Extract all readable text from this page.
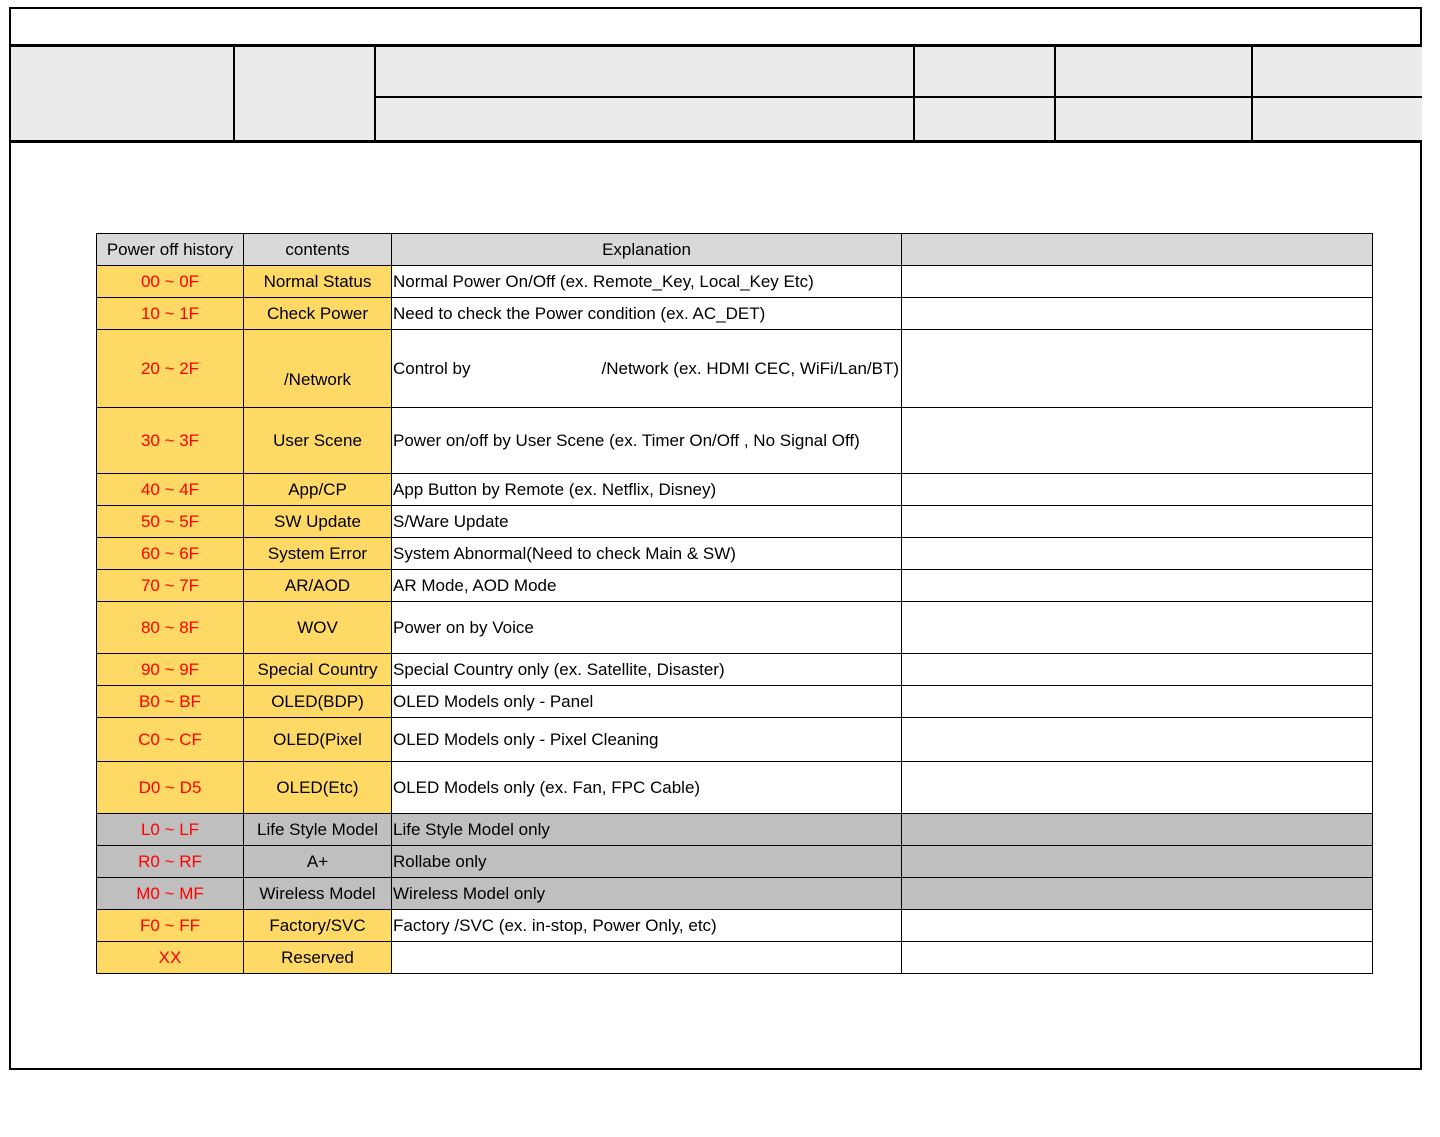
Power off history	contents	Explanation	
00 ~ 0F	Normal Status	Normal Power On/Off (ex. Remote_Key, Local_Key Etc)	
10 ~ 1F	Check Power	Need to check the Power condition (ex. AC_DET)	
20 ~ 2F	/Network	Control by /Network (ex. HDMI CEC, WiFi/Lan/BT)	
30 ~ 3F	User Scene	Power on/off by User Scene (ex. Timer On/Off , No Signal Off)	
40 ~ 4F	App/CP	App Button by Remote (ex. Netflix, Disney)	
50 ~ 5F	SW Update	S/Ware Update	
60 ~ 6F	System Error	System Abnormal(Need to check Main & SW)	
70 ~ 7F	AR/AOD	AR Mode, AOD Mode	
80 ~ 8F	WOV	Power on by Voice	
90 ~ 9F	Special Country	Special Country only (ex. Satellite, Disaster)	
B0 ~ BF	OLED(BDP)	OLED Models only - Panel	
C0 ~ CF	OLED(Pixel	OLED Models only - Pixel Cleaning	
D0 ~ D5	OLED(Etc)	OLED Models only (ex. Fan, FPC Cable)	
L0 ~ LF	Life Style Model	Life Style Model only	
R0 ~ RF	A+	Rollabe only	
M0 ~ MF	Wireless Model	Wireless Model only	
F0 ~ FF	Factory/SVC	Factory /SVC (ex. in-stop, Power Only, etc)	
XX	Reserved		
